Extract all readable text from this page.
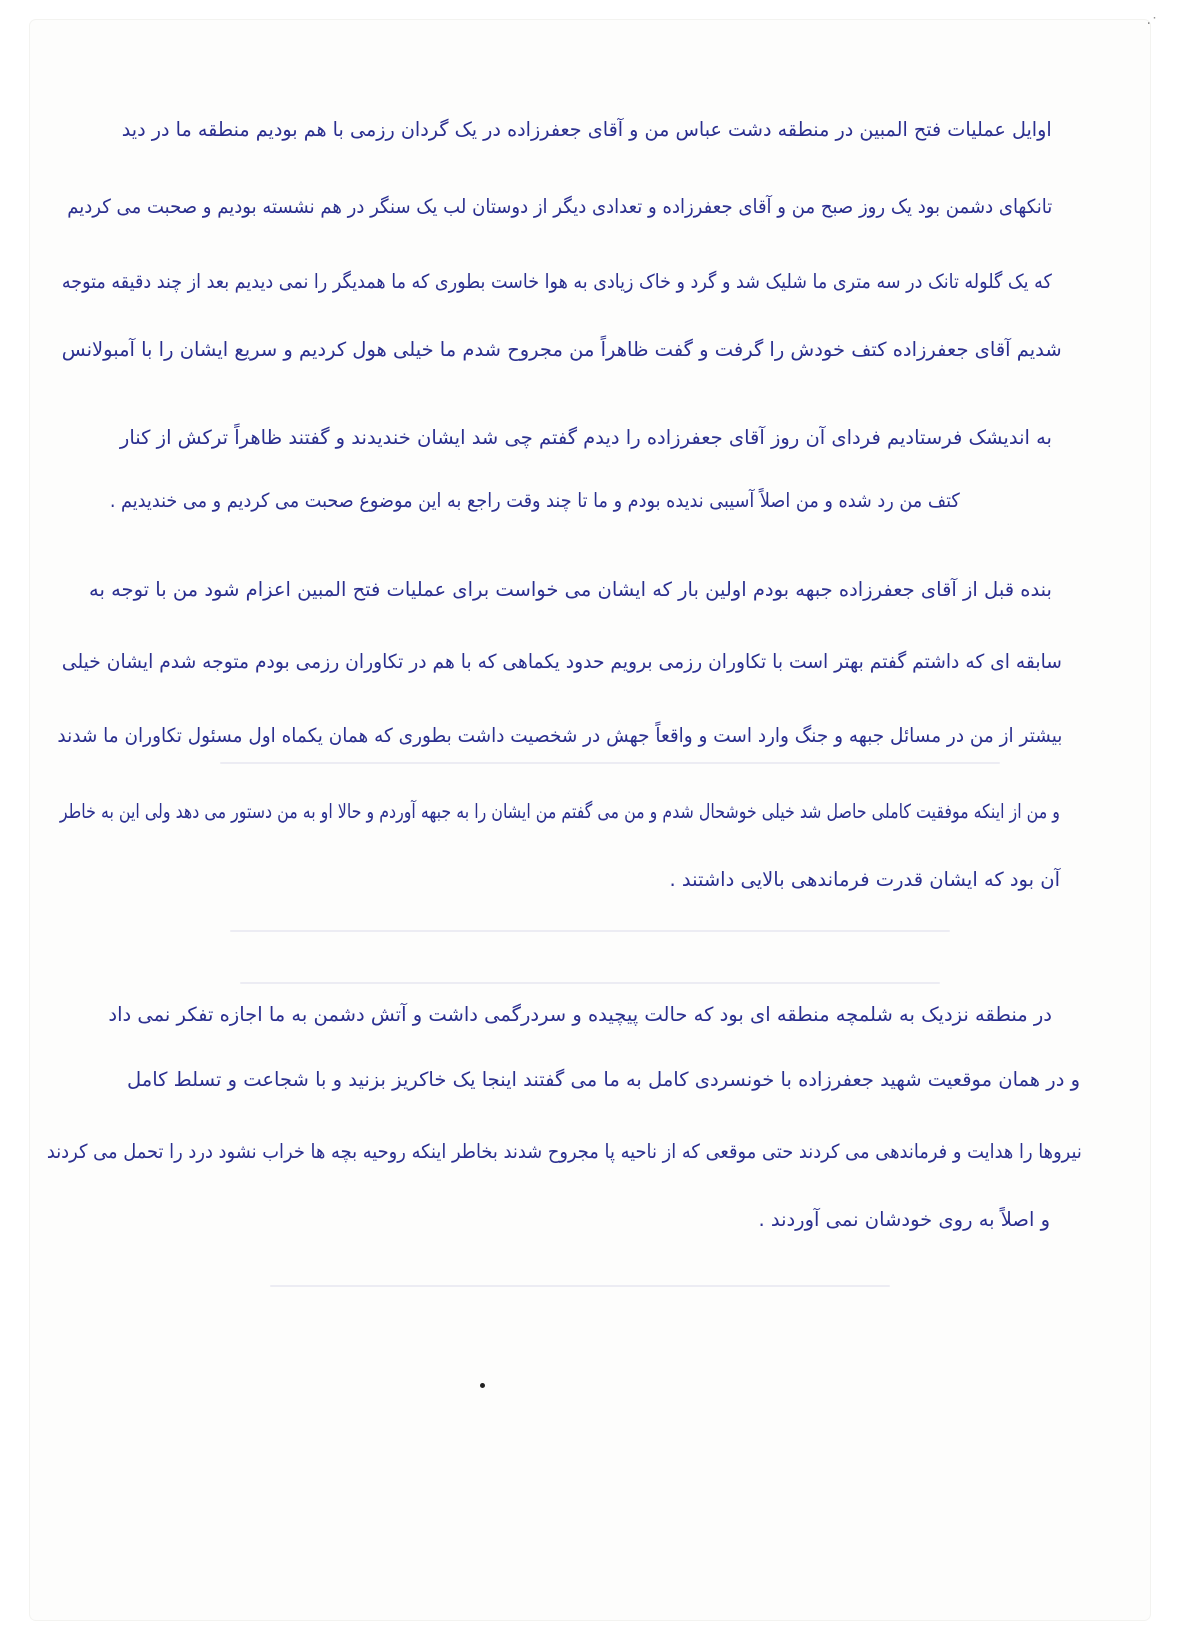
·˙
اوایل عملیات فتح المبین در منطقه دشت عباس من و آقای جعفرزاده در یک گردان رزمی با هم بودیم منطقه ما در دید
تانکهای دشمن بود یک روز صبح من و آقای جعفرزاده و تعدادی دیگر از دوستان لب یک سنگر در هم نشسته بودیم و صحبت می کردیم
که یک گلوله تانک در سه متری ما شلیک شد و گرد و خاک زیادی به هوا خاست بطوری که ما همدیگر را نمی دیدیم بعد از چند دقیقه متوجه
شدیم آقای جعفرزاده کتف خودش را گرفت و گفت ظاهراً من مجروح شدم ما خیلی هول کردیم و سریع ایشان را با آمبولانس
به اندیشک فرستادیم فردای آن روز آقای جعفرزاده را دیدم گفتم چی شد ایشان خندیدند و گفتند ظاهراً ترکش از کنار
کتف من رد شده و من اصلاً آسیبی ندیده بودم و ما تا چند وقت راجع به این موضوع صحبت می کردیم و می خندیدیم .
بنده قبل از آقای جعفرزاده جبهه بودم اولین بار که ایشان می خواست برای عملیات فتح المبین اعزام شود من با توجه به
سابقه ای که داشتم گفتم بهتر است با تکاوران رزمی برویم حدود یکماهی که با هم در تکاوران رزمی بودم متوجه شدم ایشان خیلی
بیشتر از من در مسائل جبهه و جنگ وارد است و واقعاً جهش در شخصیت داشت بطوری که همان یکماه اول مسئول تکاوران ما شدند
و من از اینکه موفقیت کاملی حاصل شد خیلی خوشحال شدم و من می گفتم من ایشان را به جبهه آوردم و حالا او به من دستور می دهد ولی این به خاطر
آن بود که ایشان قدرت فرماندهی بالایی داشتند .
در منطقه نزدیک به شلمچه منطقه ای بود که حالت پیچیده و سردرگمی داشت و آتش دشمن به ما اجازه تفکر نمی داد
و در همان موقعیت شهید جعفرزاده با خونسردی کامل به ما می گفتند اینجا یک خاکریز بزنید و با شجاعت و تسلط کامل
نیروها را هدایت و فرماندهی می کردند حتی موقعی که از ناحیه پا مجروح شدند بخاطر اینکه روحیه بچه ها خراب نشود درد را تحمل می کردند
و اصلاً به روی خودشان نمی آوردند .
